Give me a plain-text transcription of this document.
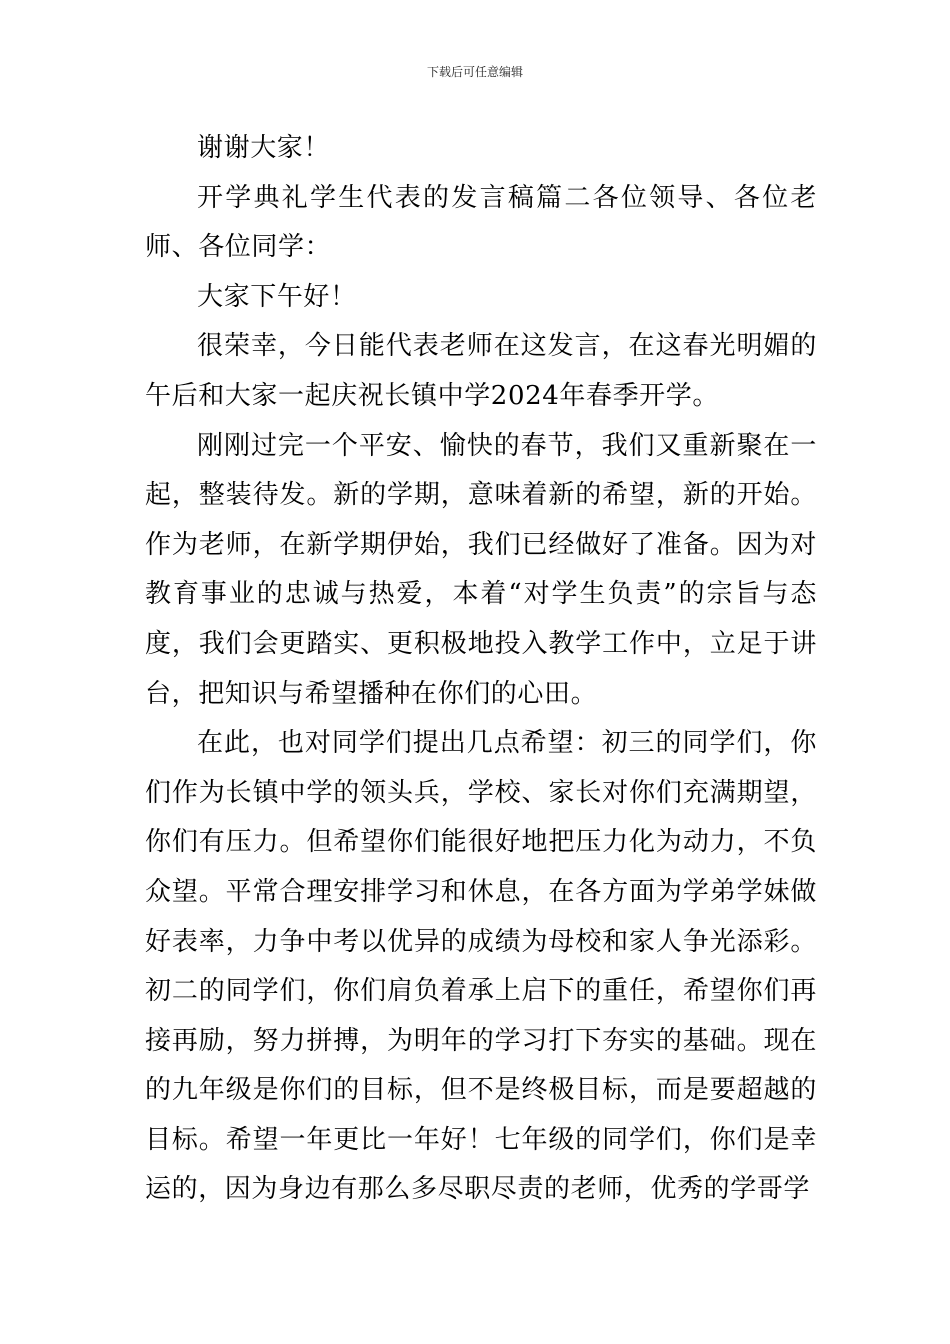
下载后可任意编辑

谢谢大家！

开学典礼学生代表的发言稿篇二各位领导、各位老师、各位同学：

大家下午好！

很荣幸，今日能代表老师在这发言，在这春光明媚的午后和大家一起庆祝长镇中学2024年春季开学。

刚刚过完一个平安、愉快的春节，我们又重新聚在一起，整装待发。新的学期，意味着新的希望，新的开始。作为老师，在新学期伊始，我们已经做好了准备。因为对教育事业的忠诚与热爱，本着“对学生负责”的宗旨与态度，我们会更踏实、更积极地投入教学工作中，立足于讲台，把知识与希望播种在你们的心田。

在此，也对同学们提出几点希望：初三的同学们，你们作为长镇中学的领头兵，学校、家长对你们充满期望，你们有压力。但希望你们能很好地把压力化为动力，不负众望。平常合理安排学习和休息，在各方面为学弟学妹做好表率，力争中考以优异的成绩为母校和家人争光添彩。初二的同学们，你们肩负着承上启下的重任，希望你们再接再励，努力拼搏，为明年的学习打下夯实的基础。现在的九年级是你们的目标，但不是终极目标，而是要超越的目标。希望一年更比一年好！七年级的同学们，你们是幸运的，因为身边有那么多尽职尽责的老师，优秀的学哥学
